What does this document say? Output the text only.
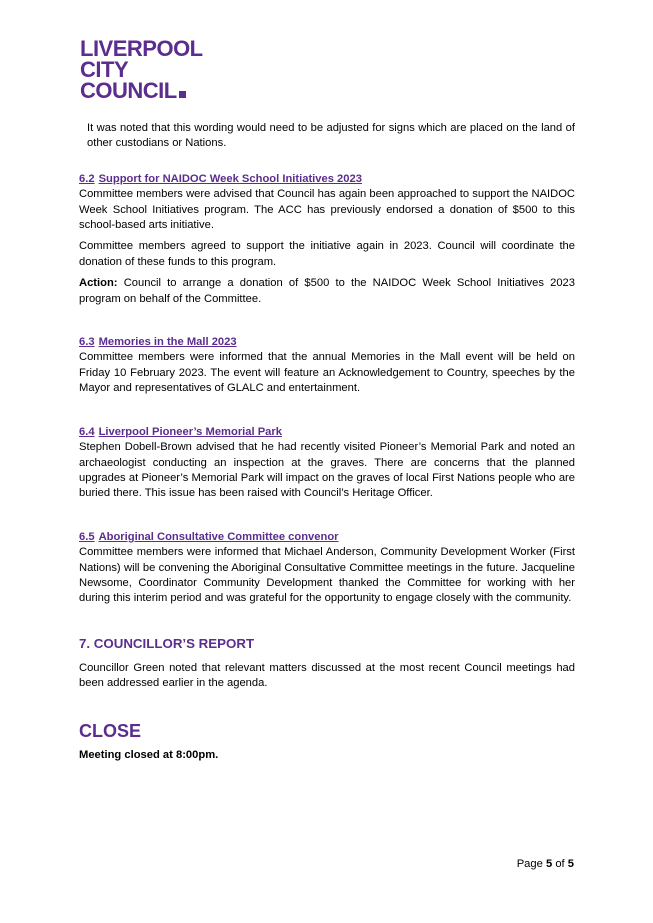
LIVERPOOL
CITY
COUNCIL

It was noted that this wording would need to be adjusted for signs which are placed on the land of other custodians or Nations.

6.2 Support for NAIDOC Week School Initiatives 2023

Committee members were advised that Council has again been approached to support the NAIDOC Week School Initiatives program. The ACC has previously endorsed a donation of $500 to this school-based arts initiative.

Committee members agreed to support the initiative again in 2023. Council will coordinate the donation of these funds to this program.

Action: Council to arrange a donation of $500 to the NAIDOC Week School Initiatives 2023 program on behalf of the Committee.

6.3 Memories in the Mall 2023

Committee members were informed that the annual Memories in the Mall event will be held on Friday 10 February 2023. The event will feature an Acknowledgement to Country, speeches by the Mayor and representatives of GLALC and entertainment.

6.4 Liverpool Pioneer’s Memorial Park

Stephen Dobell-Brown advised that he had recently visited Pioneer’s Memorial Park and noted an archaeologist conducting an inspection at the graves. There are concerns that the planned upgrades at Pioneer’s Memorial Park will impact on the graves of local First Nations people who are buried there. This issue has been raised with Council’s Heritage Officer.

6.5 Aboriginal Consultative Committee convenor

Committee members were informed that Michael Anderson, Community Development Worker (First Nations) will be convening the Aboriginal Consultative Committee meetings in the future. Jacqueline Newsome, Coordinator Community Development thanked the Committee for working with her during this interim period and was grateful for the opportunity to engage closely with the community.

7. COUNCILLOR’S REPORT

Councillor Green noted that relevant matters discussed at the most recent Council meetings had been addressed earlier in the agenda.

CLOSE

Meeting closed at 8:00pm.

Page 5 of 5
